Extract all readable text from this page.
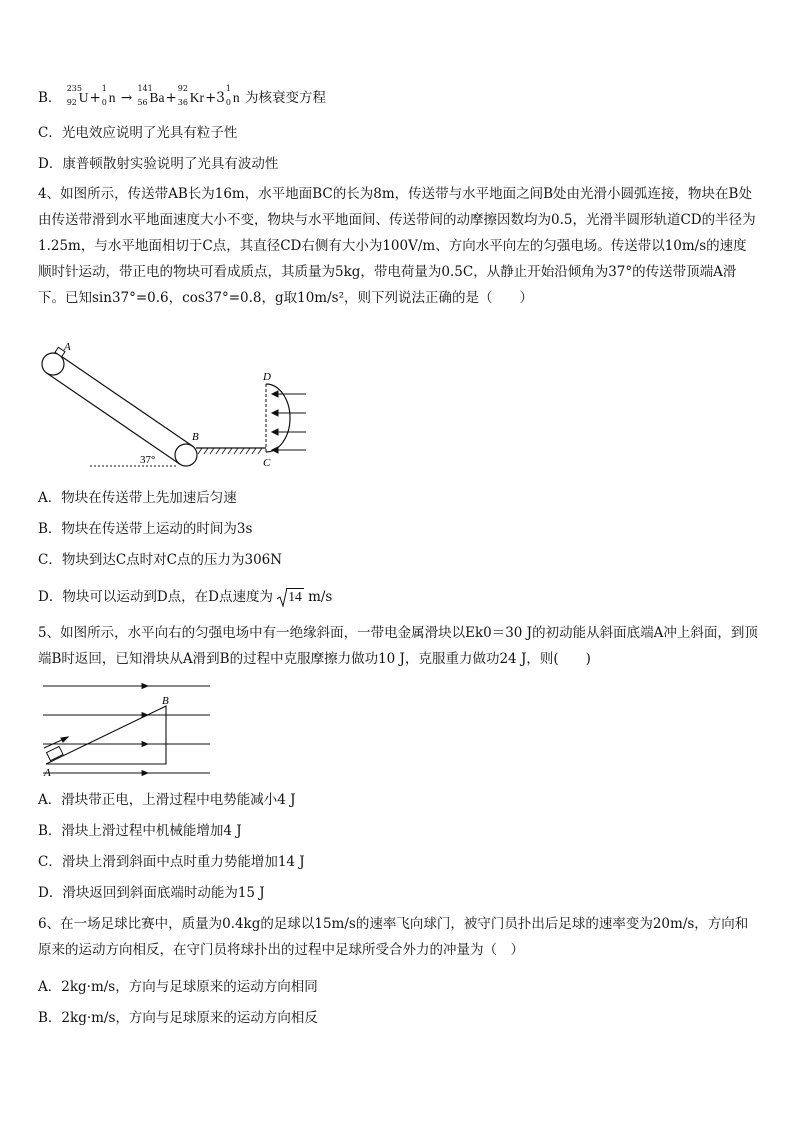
B．
235
92 U+
1
0 n →
141
56 Ba+
92
36 Kr+3
1
0 n 为核衰变方程
C．光电效应说明了光具有粒子性
D．康普顿散射实验说明了光具有波动性
4、如图所示，传送带AB长为16m，水平地面BC的长为8m，传送带与水平地面之间B处由光滑小圆弧连接，物块在B处由传送带滑到水平地面速度大小不变，物块与水平地面间、传送带间的动摩擦因数均为0.5，光滑半圆形轨道CD的半径为1.25m，与水平地面相切于C点，其直径CD右侧有大小为100V/m、方向水平向左的匀强电场。传送带以10m/s的速度顺时针运动，带正电的物块可看成质点，其质量为5kg，带电荷量为0.5C，从静止开始沿倾角为37°的传送带顶端A滑下。已知sin37°=0.6，cos37°=0.8，g取10m/s²，则下列说法正确的是（　　）
A
37°
B
D
C
A．物块在传送带上先加速后匀速
B．物块在传送带上运动的时间为3s
C．物块到达C点时对C点的压力为306N
D．物块可以运动到D点，在D点速度为 14 m/s
5、如图所示，水平向右的匀强电场中有一绝缘斜面，一带电金属滑块以Ek0＝30 J的初动能从斜面底端A冲上斜面，到顶端B时返回，已知滑块从A滑到B的过程中克服摩擦力做功10 J，克服重力做功24 J，则(　　)
A
B
A．滑块带正电，上滑过程中电势能减小4 J
B．滑块上滑过程中机械能增加4 J
C．滑块上滑到斜面中点时重力势能增加14 J
D．滑块返回到斜面底端时动能为15 J
6、在一场足球比赛中，质量为0.4kg的足球以15m/s的速率飞向球门，被守门员扑出后足球的速率变为20m/s，方向和原来的运动方向相反，在守门员将球扑出的过程中足球所受合外力的冲量为（　）
A．2kg·m/s，方向与足球原来的运动方向相同
B．2kg·m/s，方向与足球原来的运动方向相反
